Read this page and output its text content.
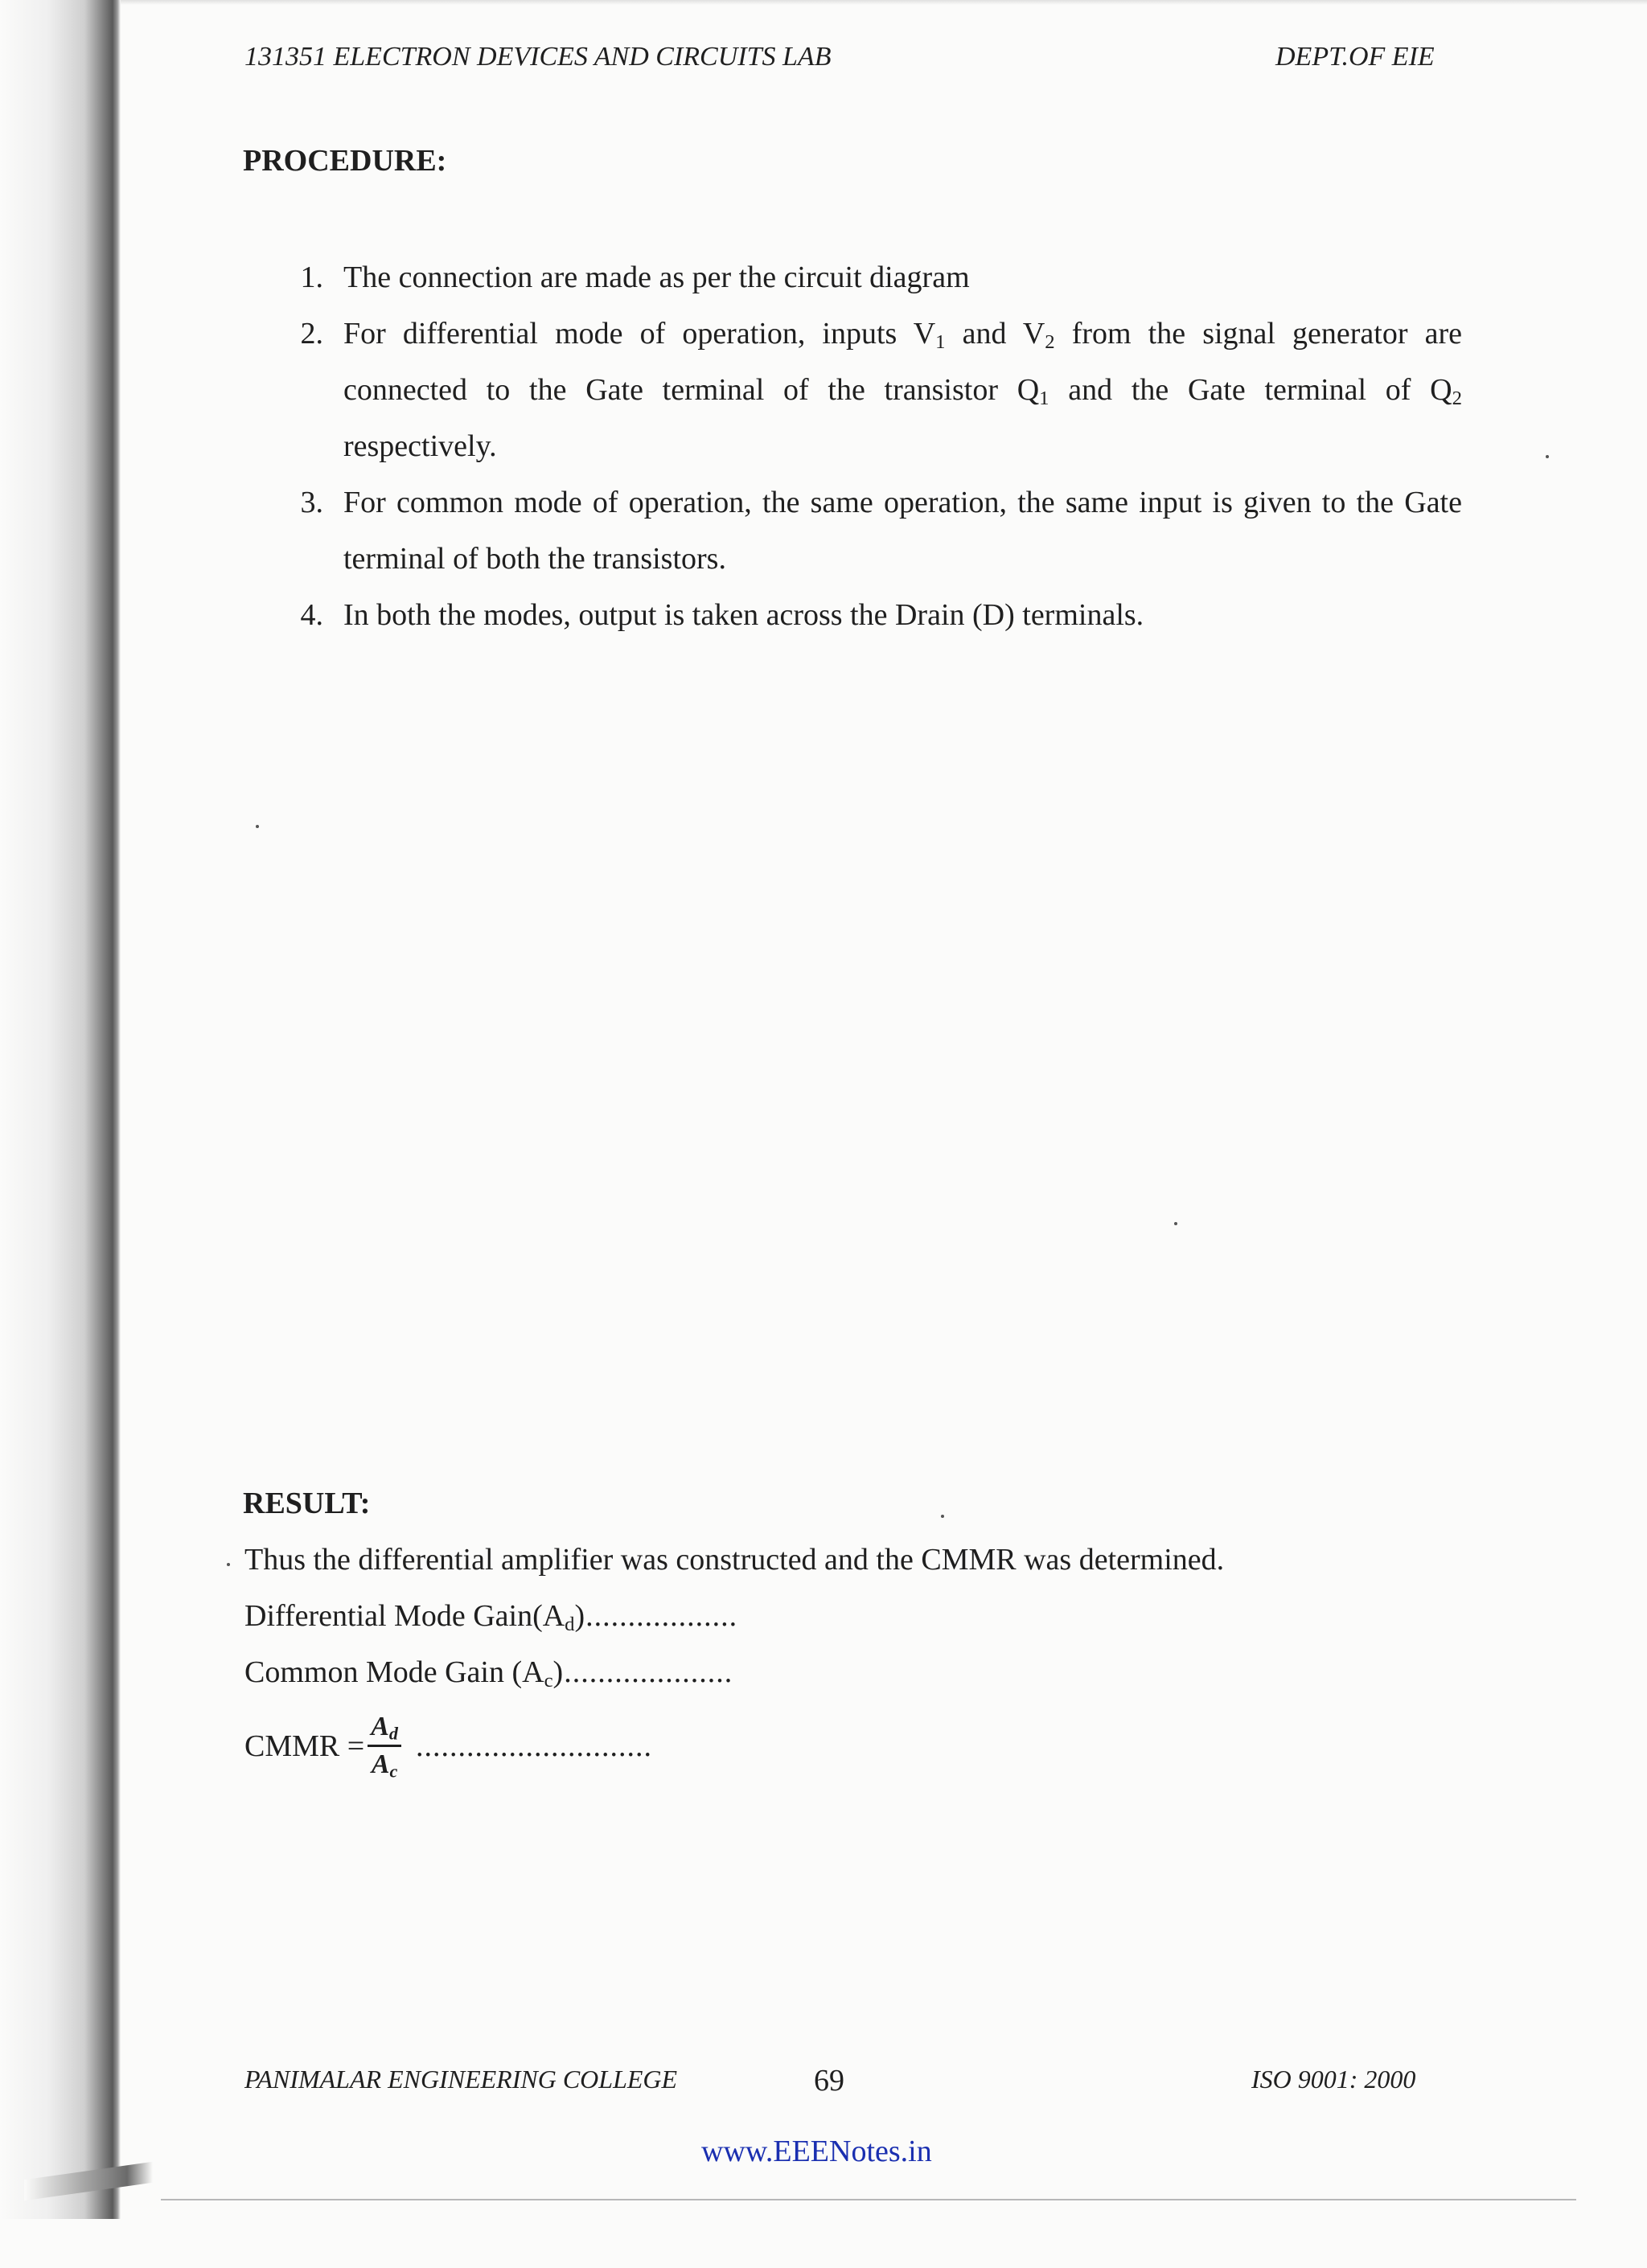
131351 ELECTRON DEVICES AND CIRCUITS LAB	DEPT.OF EIE
PROCEDURE:
1. The connection are made as per the circuit diagram
2. For differential mode of operation, inputs $V_1$ and $V_2$ from the signal generator are connected to the Gate terminal of the transistor $Q_1$ and the Gate terminal of $Q_2$ respectively.
3. For common mode of operation, the same operation, the same input is given to the Gate terminal of both the transistors.
4. In both the modes, output is taken across the Drain (D) terminals.
RESULT:
Thus the differential amplifier was constructed and the CMMR was determined.
Differential Mode $Gain(A_d)$..................
Common Mode Gain $(A_c)$....................
CMMR = $\frac{A_d}{A_c}$ ............................
PANIMALAR ENGINEERING COLLEGE	69	ISO 9001: 2000
www.EEENotes.in
